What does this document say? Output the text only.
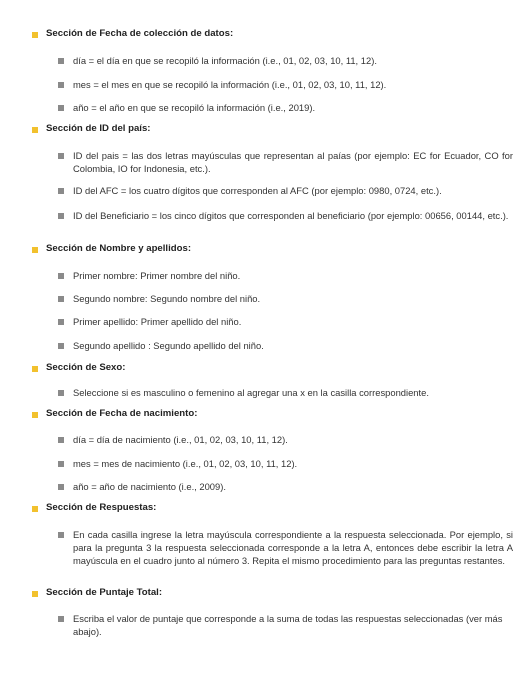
Sección de Fecha de colección de datos:
día = el día en que se recopiló la información (i.e., 01, 02, 03, 10, 11, 12).
mes = el mes en que se recopiló la información (i.e., 01, 02, 03, 10, 11, 12).
año = el año en que se recopiló la información (i.e., 2019).
Sección de ID del país:
ID del pais = las dos letras mayúsculas que representan al paías (por ejemplo: EC for Ecuador, CO for Colombia, IO for Indonesia, etc.).
ID del AFC = los cuatro dígitos que corresponden al AFC (por ejemplo: 0980, 0724, etc.).
ID del Beneficiario = los cinco dígitos que corresponden al beneficiario (por ejemplo: 00656, 00144, etc.).
Sección de Nombre y apellidos:
Primer nombre: Primer nombre del niño.
Segundo nombre: Segundo nombre del niño.
Primer apellido: Primer apellido del niño.
Segundo apellido : Segundo apellido del niño.
Sección de Sexo:
Seleccione si es masculino o femenino al agregar una x en la casilla correspondiente.
Sección de Fecha de nacimiento:
día = día de nacimiento (i.e., 01, 02, 03, 10, 11, 12).
mes = mes de nacimiento (i.e., 01, 02, 03, 10, 11, 12).
año = año de nacimiento (i.e., 2009).
Sección de Respuestas:
En cada casilla ingrese la letra mayúscula correspondiente a la respuesta seleccionada. Por ejemplo, si para la pregunta 3 la respuesta seleccionada corresponde a la letra A, entonces debe escribir la letra A mayúscula en el cuadro junto al número 3. Repita el mismo procedimiento para las preguntas restantes.
Sección de Puntaje Total:
Escriba el valor de puntaje que corresponde a la suma de todas las respuestas seleccionadas (ver más abajo).
